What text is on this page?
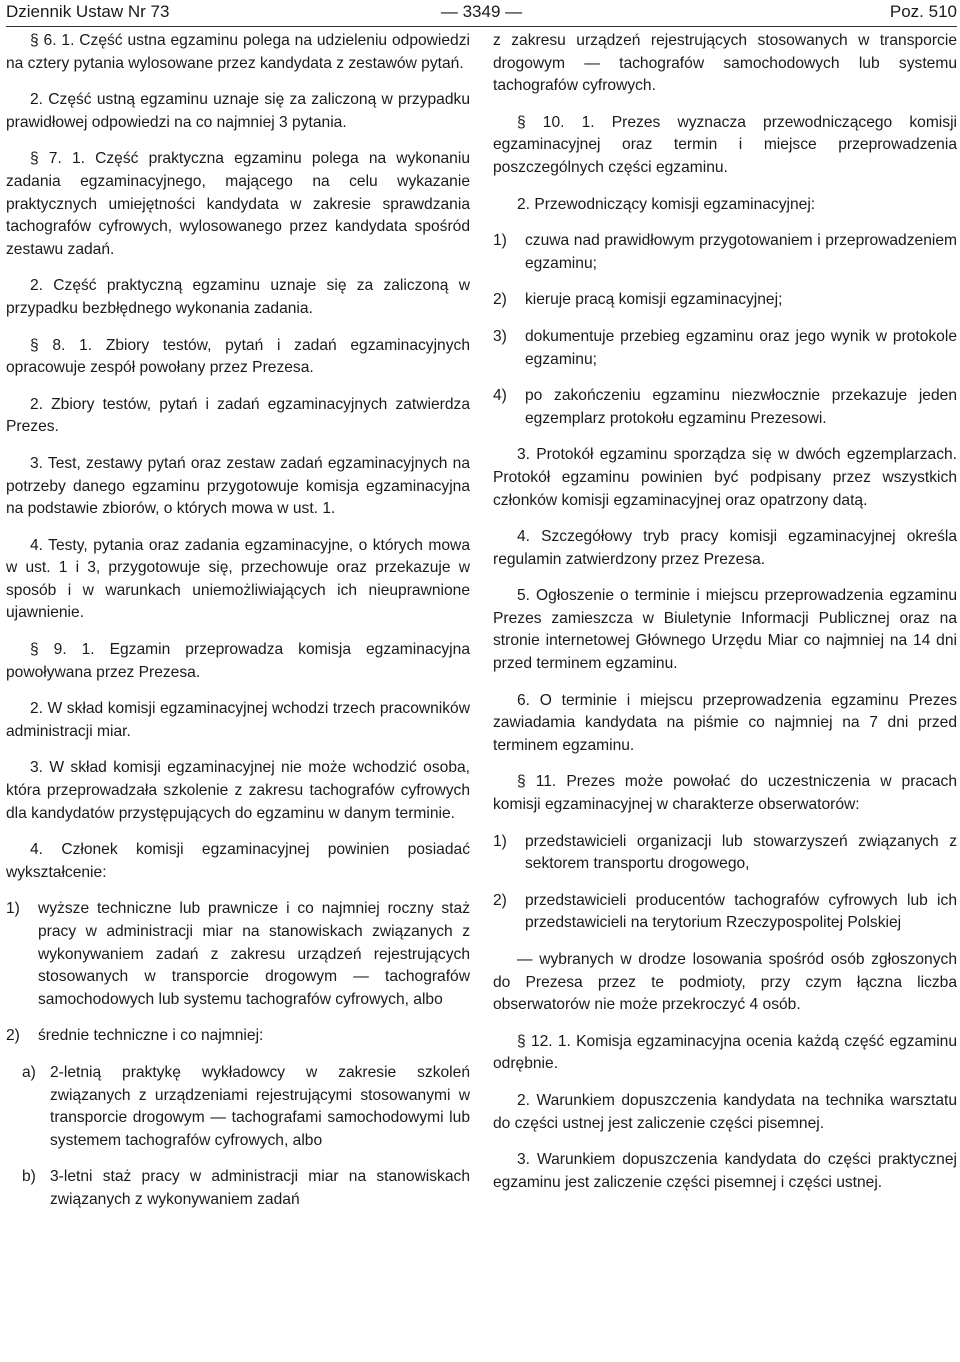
Dziennik Ustaw Nr 73	— 3349 —	Poz. 510

§ 6. 1. Część ustna egzaminu polega na udzieleniu odpowiedzi na cztery pytania wylosowane przez kandydata z zestawów pytań.

2. Część ustną egzaminu uznaje się za zaliczoną w przypadku prawidłowej odpowiedzi na co najmniej 3 pytania.

§ 7. 1. Część praktyczna egzaminu polega na wykonaniu zadania egzaminacyjnego, mającego na celu wykazanie praktycznych umiejętności kandydata w zakresie sprawdzania tachografów cyfrowych, wylosowanego przez kandydata spośród zestawu zadań.

2. Część praktyczną egzaminu uznaje się za zaliczoną w przypadku bezbłędnego wykonania zadania.

§ 8. 1. Zbiory testów, pytań i zadań egzaminacyjnych opracowuje zespół powołany przez Prezesa.

2. Zbiory testów, pytań i zadań egzaminacyjnych zatwierdza Prezes.

3. Test, zestawy pytań oraz zestaw zadań egzaminacyjnych na potrzeby danego egzaminu przygotowuje komisja egzaminacyjna na podstawie zbiorów, o których mowa w ust. 1.

4. Testy, pytania oraz zadania egzaminacyjne, o których mowa w ust. 1 i 3, przygotowuje się, przechowuje oraz przekazuje w sposób i w warunkach uniemożliwiających ich nieuprawnione ujawnienie.

§ 9. 1. Egzamin przeprowadza komisja egzaminacyjna powoływana przez Prezesa.

2. W skład komisji egzaminacyjnej wchodzi trzech pracowników administracji miar.

3. W skład komisji egzaminacyjnej nie może wchodzić osoba, która przeprowadzała szkolenie z zakresu tachografów cyfrowych dla kandydatów przystępujących do egzaminu w danym terminie.

4. Członek komisji egzaminacyjnej powinien posiadać wykształcenie:

1)	wyższe techniczne lub prawnicze i co najmniej roczny staż pracy w administracji miar na stanowiskach związanych z wykonywaniem zadań z zakresu urządzeń rejestrujących stosowanych w transporcie drogowym — tachografów samochodowych lub systemu tachografów cyfrowych, albo
2)	średnie techniczne i co najmniej:
a) 2-letnią praktykę wykładowcy w zakresie szkoleń związanych z urządzeniami rejestrującymi stosowanymi w transporcie drogowym — tachografami samochodowymi lub systemem tachografów cyfrowych, albo
b) 3-letni staż pracy w administracji miar na stanowiskach związanych z wykonywaniem zadań

z zakresu urządzeń rejestrujących stosowanych w transporcie drogowym — tachografów samochodowych lub systemu tachografów cyfrowych.

§ 10. 1. Prezes wyznacza przewodniczącego komisji egzaminacyjnej oraz termin i miejsce przeprowadzenia poszczególnych części egzaminu.

2. Przewodniczący komisji egzaminacyjnej:

1)	czuwa nad prawidłowym przygotowaniem i przeprowadzeniem egzaminu;
2)	kieruje pracą komisji egzaminacyjnej;
3)	dokumentuje przebieg egzaminu oraz jego wynik w protokole egzaminu;
4)	po zakończeniu egzaminu niezwłocznie przekazuje jeden egzemplarz protokołu egzaminu Prezesowi.

3. Protokół egzaminu sporządza się w dwóch egzemplarzach. Protokół egzaminu powinien być podpisany przez wszystkich członków komisji egzaminacyjnej oraz opatrzony datą.

4. Szczegółowy tryb pracy komisji egzaminacyjnej określa regulamin zatwierdzony przez Prezesa.

5. Ogłoszenie o terminie i miejscu przeprowadzenia egzaminu Prezes zamieszcza w Biuletynie Informacji Publicznej oraz na stronie internetowej Głównego Urzędu Miar co najmniej na 14 dni przed terminem egzaminu.

6. O terminie i miejscu przeprowadzenia egzaminu Prezes zawiadamia kandydata na piśmie co najmniej na 7 dni przed terminem egzaminu.

§ 11. Prezes może powołać do uczestniczenia w pracach komisji egzaminacyjnej w charakterze obserwatorów:

1)	przedstawicieli organizacji lub stowarzyszeń związanych z sektorem transportu drogowego,
2)	przedstawicieli producentów tachografów cyfrowych lub ich przedstawicieli na terytorium Rzeczypospolitej Polskiej

— wybranych w drodze losowania spośród osób zgłoszonych do Prezesa przez te podmioty, przy czym łączna liczba obserwatorów nie może przekroczyć 4 osób.

§ 12. 1. Komisja egzaminacyjna ocenia każdą część egzaminu odrębnie.

2. Warunkiem dopuszczenia kandydata na technika warsztatu do części ustnej jest zaliczenie części pisemnej.

3. Warunkiem dopuszczenia kandydata do części praktycznej egzaminu jest zaliczenie części pisemnej i części ustnej.
